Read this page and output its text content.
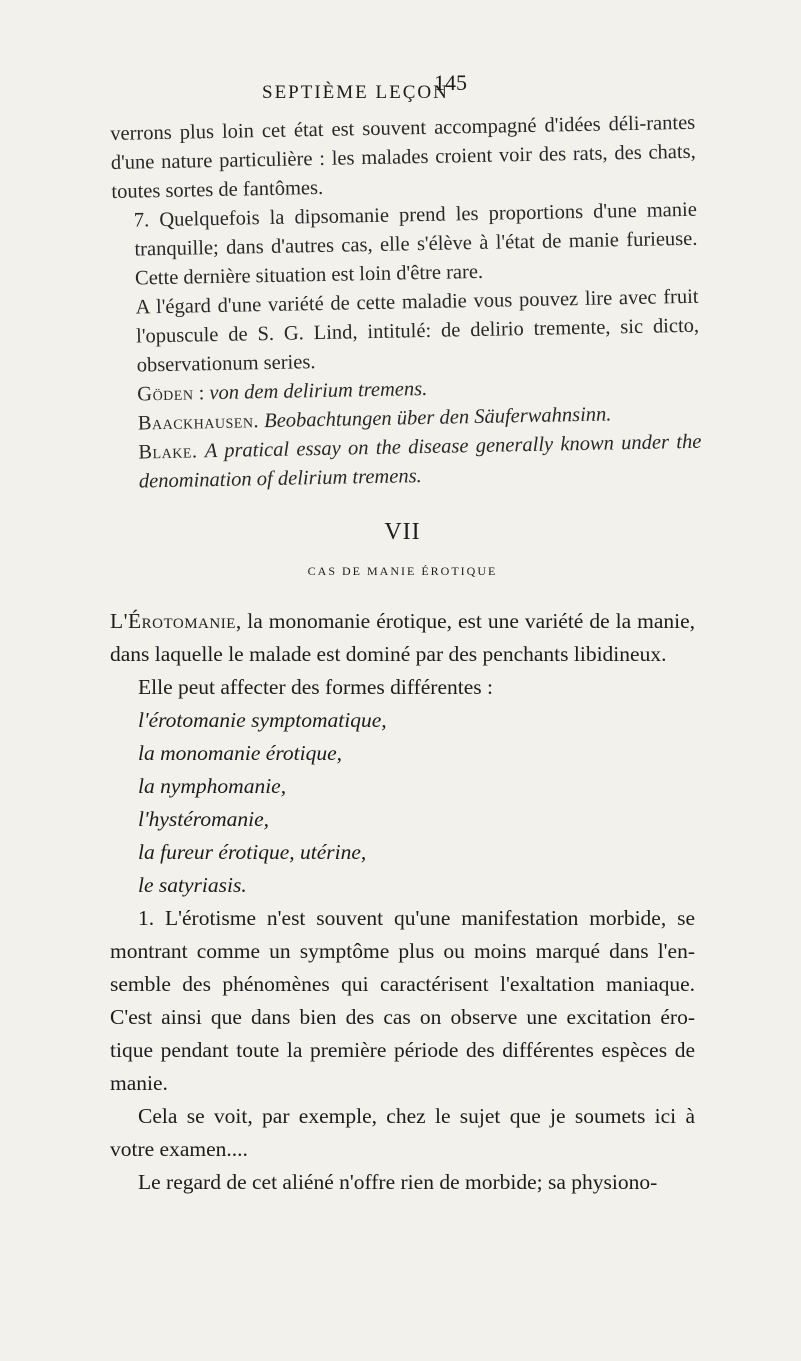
SEPTIÈME LEÇON
145

verrons plus loin cet état est souvent accompagné d'idées déli-rantes d'une nature particulière : les malades croient voir des rats, des chats, toutes sortes de fantômes.

7. Quelquefois la dipsomanie prend les proportions d'une manie tranquille; dans d'autres cas, elle s'élève à l'état de manie furieuse. Cette dernière situation est loin d'être rare.

A l'égard d'une variété de cette maladie vous pouvez lire avec fruit l'opuscule de S. G. Lind, intitulé: de delirio tremente, sic dicto, observationum series.

Göden : von dem delirium tremens.

Baackhausen. Beobachtungen über den Säuferwahnsinn.

Blake. A pratical essay on the disease generally known under the denomination of delirium tremens.

VII
CAS DE MANIE ÉROTIQUE

L'Érotomanie, la monomanie érotique, est une variété de la manie, dans laquelle le malade est dominé par des penchants libidineux.

Elle peut affecter des formes différentes :

l'érotomanie symptomatique,
la monomanie érotique,
la nymphomanie,
l'hystéromanie,
la fureur érotique, utérine,
le satyriasis.

1. L'érotisme n'est souvent qu'une manifestation morbide, se montrant comme un symptôme plus ou moins marqué dans l'en-semble des phénomènes qui caractérisent l'exaltation maniaque. C'est ainsi que dans bien des cas on observe une excitation éro-tique pendant toute la première période des différentes espèces de manie.

Cela se voit, par exemple, chez le sujet que je soumets ici à votre examen....

Le regard de cet aliéné n'offre rien de morbide; sa physiono-
